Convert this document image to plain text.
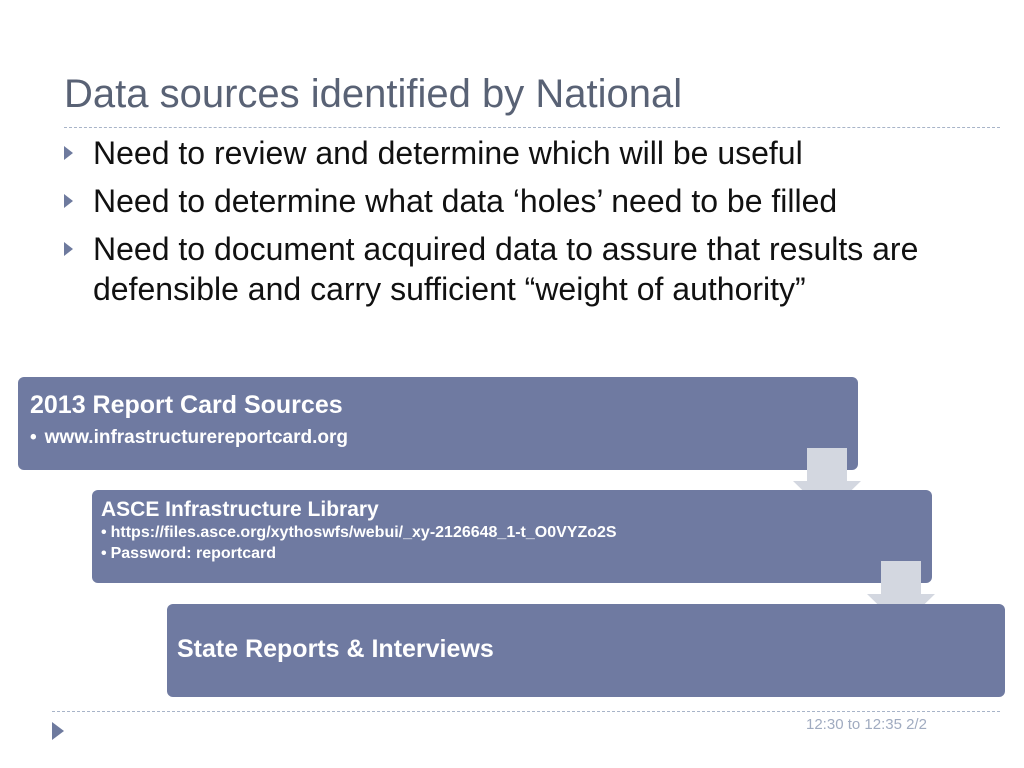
Data sources identified by National
Need to review and determine which will be useful
Need to determine what data ‘holes’ need to be filled
Need to document acquired data to assure that results are defensible and carry sufficient “weight of authority”
2013 Report Card Sources
• www.infrastructurereportcard.org
ASCE Infrastructure Library
• https://files.asce.org/xythoswfs/webui/_xy-2126648_1-t_O0VYZo2S
• Password: reportcard
State Reports & Interviews
12:30 to 12:35 2/2
